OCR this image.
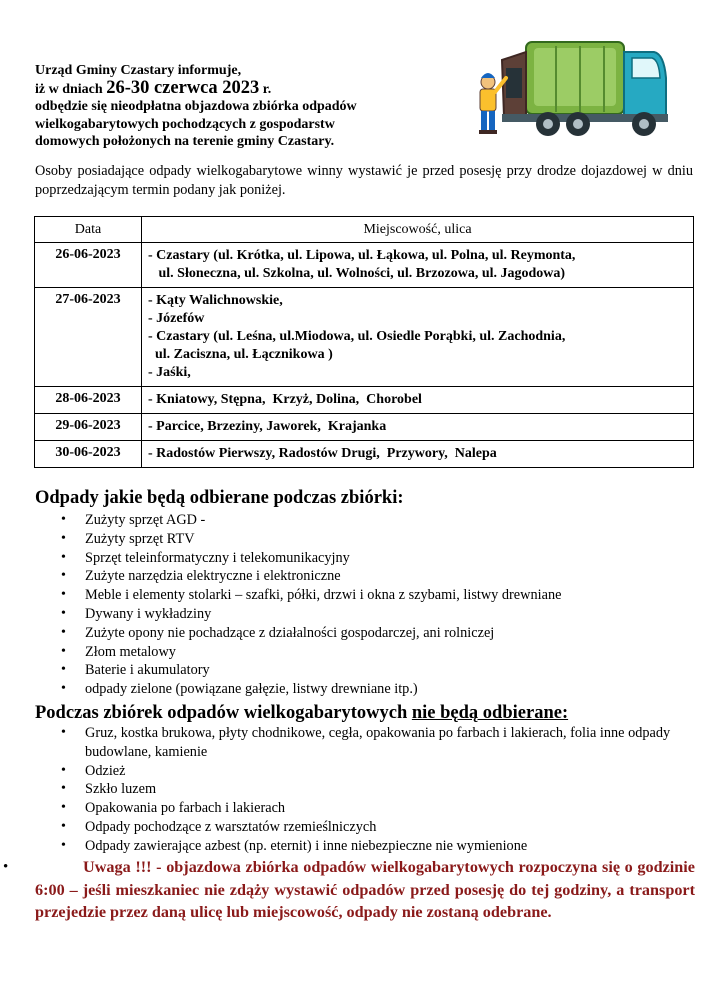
Urząd Gminy Czastary informuje,
iż w dniach 26-30 czerwca 2023 r.
odbędzie się nieodpłatna objazdowa zbiórka odpadów
wielkogabarytowych pochodzących z gospodarstw
domowych położonych na terenie gminy Czastary.
Osoby posiadające odpady wielkogabarytowe winny wystawić je przed posesję przy drodze dojazdowej w dniu poprzedzającym termin podany jak poniżej.
Data	Miejscowość, ulica
26-06-2023	- Czastary (ul. Krótka, ul. Lipowa, ul. Łąkowa, ul. Polna, ul. Reymonta,
ul. Słoneczna, ul. Szkolna, ul. Wolności, ul. Brzozowa, ul. Jagodowa)

27-06-2023	- Kąty Walichnowskie,
- Józefów
- Czastary (ul. Leśna, ul.Miodowa, ul. Osiedle Porąbki, ul. Zachodnia,
ul. Zaciszna, ul. Łącznikowa )
- Jaśki,

28-06-2023	- Kniatowy, Stępna,  Krzyż, Dolina,  Chorobel

29-06-2023	- Parcice, Brzeziny, Jaworek,  Krajanka

30-06-2023	- Radostów Pierwszy, Radostów Drugi,  Przywory,  Nalepa
Odpady jakie będą odbierane podczas zbiórki:
• Zużyty sprzęt AGD -
• Zużyty sprzęt RTV
• Sprzęt teleinformatyczny i telekomunikacyjny
• Zużyte narzędzia elektryczne i elektroniczne
• Meble i elementy stolarki – szafki, półki, drzwi i okna z szybami, listwy drewniane
• Dywany i wykładziny
• Zużyte opony nie pochadzące z działalności gospodarczej, ani rolniczej
• Złom metalowy
• Baterie i akumulatory
• odpady zielone (powiązane gałęzie, listwy drewniane itp.)
Podczas zbiórek odpadów wielkogabarytowych nie będą odbierane:
• Gruz, kostka brukowa, płyty chodnikowe, cegła, opakowania po farbach i lakierach, folia inne odpady budowlane, kamienie
• Odzież
• Szkło luzem
• Opakowania po farbach i lakierach
• Odpady pochodzące z warsztatów rzemieślniczych
• Odpady zawierające azbest (np. eternit) i inne niebezpieczne nie wymienione
•	Uwaga !!! - objazdowa zbiórka odpadów wielkogabarytowych rozpoczyna się o godzinie 6:00 – jeśli mieszkaniec nie zdąży wystawić odpadów przed posesję do tej godziny, a transport przejedzie przez daną ulicę lub miejscowość, odpady nie zostaną odebrane.
